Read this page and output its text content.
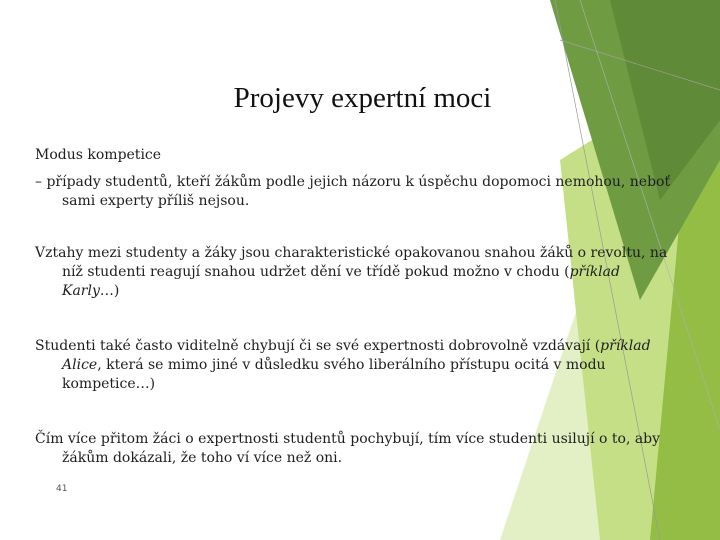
Projevy expertní moci
Modus kompetice
– případy studentů, kteří žákům podle jejich názoru k úspěchu dopomoci nemohou, neboť sami experty příliš nejsou.
Vztahy mezi studenty a žáky jsou charakteristické opakovanou snahou žáků o revoltu, na níž studenti reagují snahou udržet dění ve třídě pokud možno v chodu (příklad Karly…)
Studenti také často viditelně chybují či se své expertnosti dobrovolně vzdávají (příklad Alice, která se mimo jiné v důsledku svého liberálního přístupu ocitá v modu kompetice…)
Čím více přitom žáci o expertnosti studentů pochybují, tím více studenti usilují o to, aby žákům dokázali, že toho ví více než oni.
41
